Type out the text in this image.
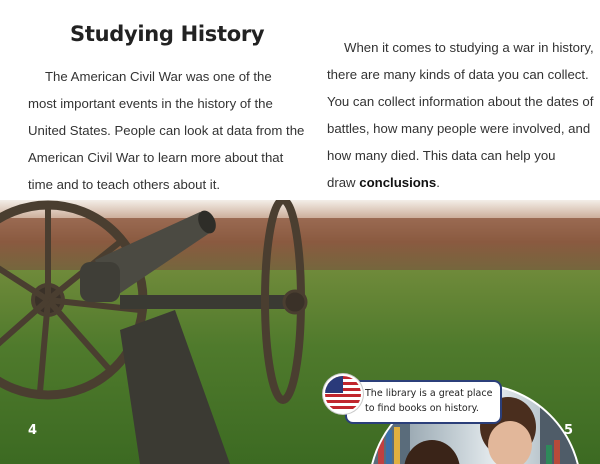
Studying History
The American Civil War was one of the
most important events in the history of the
United States. People can look at data from the
American Civil War to learn more about that
time and to teach others about it.
When it comes to studying a war in history,
there are many kinds of data you can collect.
You can collect information about the dates of
battles, how many people were involved, and
how many died. This data can help you
draw conclusions.
The library is a great place to find books on history.
4	5
